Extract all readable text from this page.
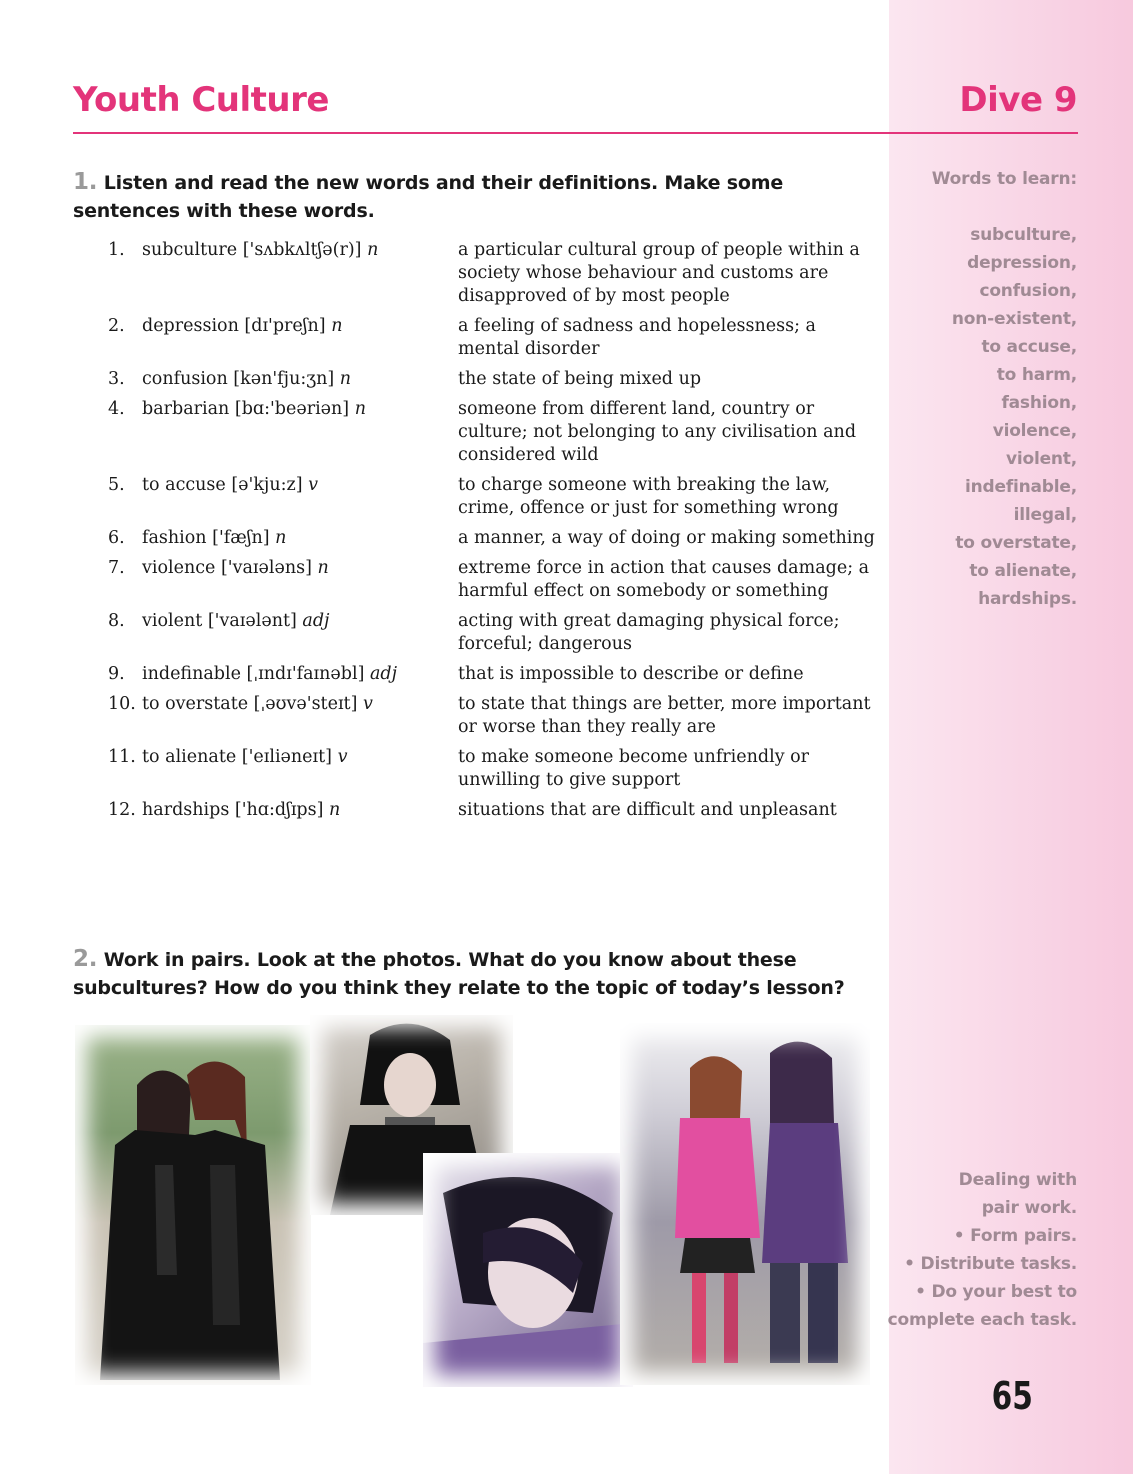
Words to learn:
subculture,
depression,
confusion,
non-existent,
to accuse,
to harm,
fashion,
violence,
violent,
indefinable,
illegal,
to overstate,
to alienate,
hardships.
Dealing with
pair work.
• Form pairs.
• Distribute tasks.
• Do your best to
complete each task.
65
Youth Culture	Dive 9
1. Listen and read the new words and their definitions. Make some sentences with these words.
1. subculture ['sʌbkʌltʃə(r)] n	a particular cultural group of people within a society whose behaviour and customs are disapproved of by most people
2. depression [dɪ'preʃn] n	a feeling of sadness and hopelessness; a mental disorder
3. confusion [kən'fju:ʒn] n	the state of being mixed up
4. barbarian [bɑ:'beəriən] n	someone from different land, country or culture; not belonging to any civilisation and considered wild
5. to accuse [ə'kju:z] v	to charge someone with breaking the law, crime, offence or just for something wrong
6. fashion ['fæʃn] n	a manner, a way of doing or making something
7. violence ['vaɪələns] n	extreme force in action that causes damage; a harmful effect on somebody or something
8. violent ['vaɪələnt] adj	acting with great damaging physical force; forceful; dangerous
9. indefinable [ˌɪndɪ'faɪnəbl] adj	that is impossible to describe or define
10. to overstate [ˌəʊvə'steɪt] v	to state that things are better, more important or worse than they really are
11. to alienate ['eɪliəneɪt] v	to make someone become unfriendly or unwilling to give support
12. hardships ['hɑ:dʃɪps] n	situations that are difficult and unpleasant
2. Work in pairs. Look at the photos. What do you know about these subcultures? How do you think they relate to the topic of today’s lesson?
